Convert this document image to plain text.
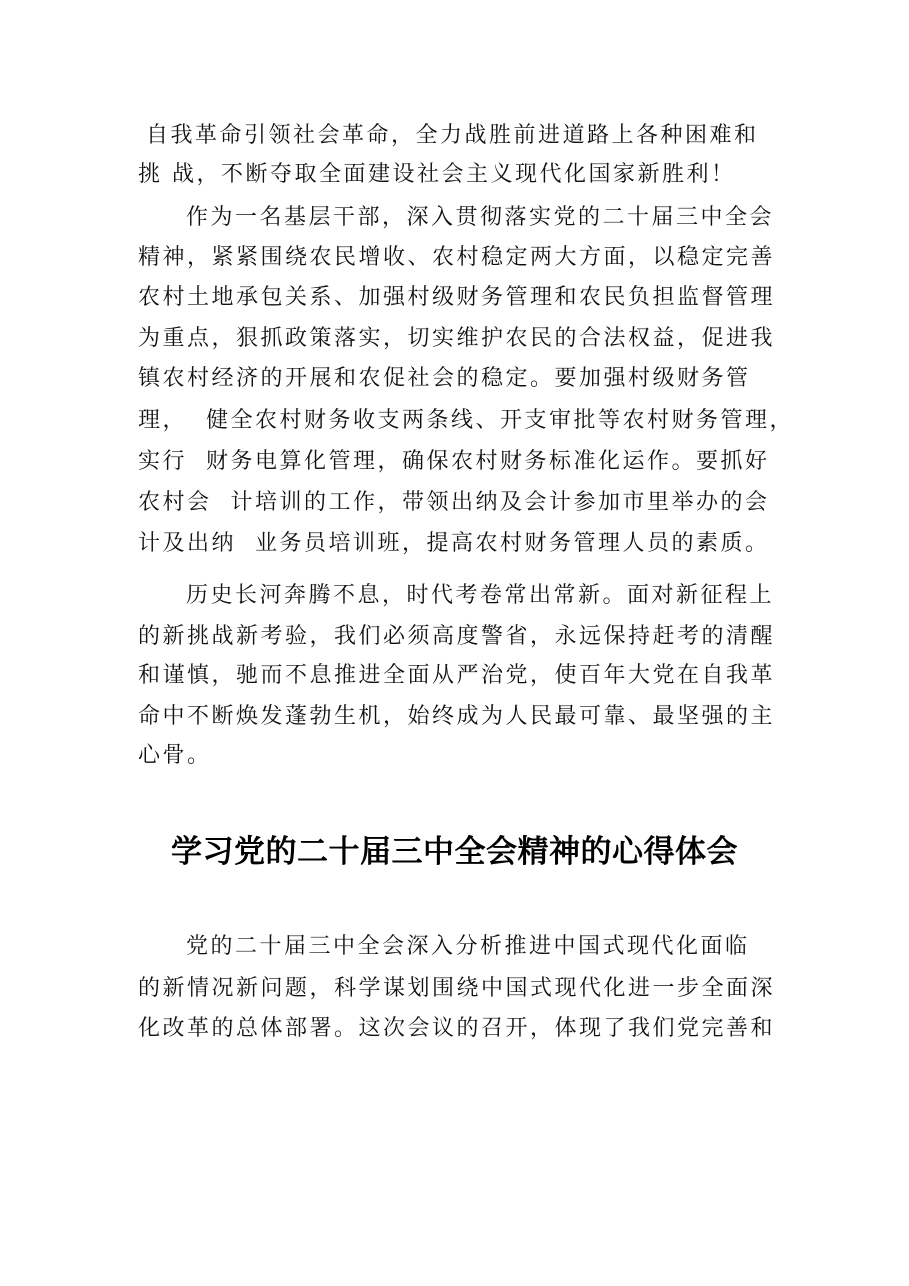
自我革命引领社会革命，全力战胜前进道路上各种困难和
挑 战，不断夺取全面建设社会主义现代化国家新胜利！
作为一名基层干部，深入贯彻落实党的二十届三中全会
精神，紧紧围绕农民增收、农村稳定两大方面，以稳定完善
农村土地承包关系、加强村级财务管理和农民负担监督管理
为重点，狠抓政策落实，切实维护农民的合法权益，促进我
镇农村经济的开展和农促社会的稳定。要加强村级财务管
理，  健全农村财务收支两条线、开支审批等农村财务管理，
实行  财务电算化管理，确保农村财务标准化运作。要抓好
农村会  计培训的工作，带领出纳及会计参加市里举办的会
计及出纳  业务员培训班，提高农村财务管理人员的素质。
历史长河奔腾不息，时代考卷常出常新。面对新征程上
的新挑战新考验，我们必须高度警省，永远保持赶考的清醒
和谨慎，驰而不息推进全面从严治党，使百年大党在自我革
命中不断焕发蓬勃生机，始终成为人民最可靠、最坚强的主
心骨。
学习党的二十届三中全会精神的心得体会
党的二十届三中全会深入分析推进中国式现代化面临
的新情况新问题，科学谋划围绕中国式现代化进一步全面深
化改革的总体部署。这次会议的召开，体现了我们党完善和
